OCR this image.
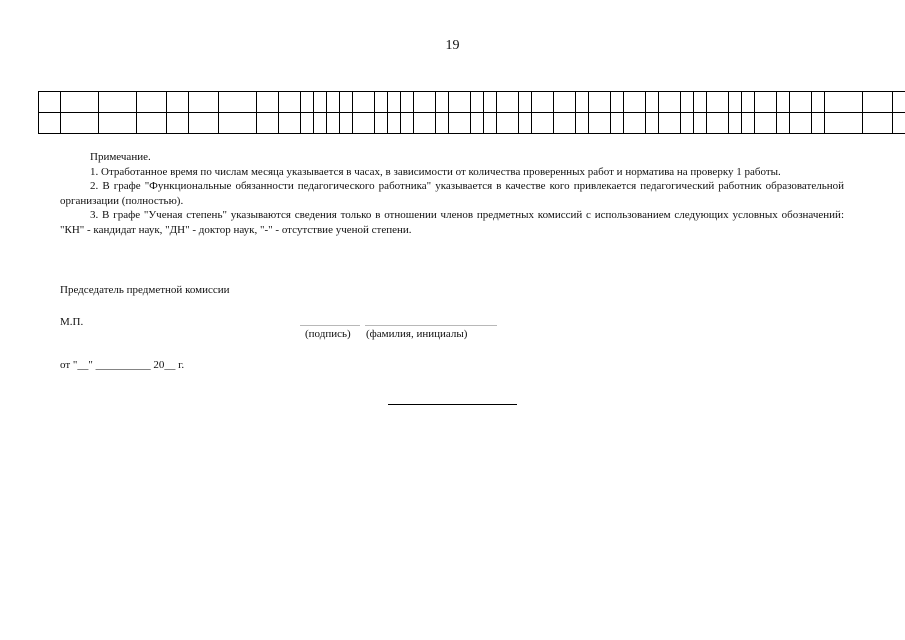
19

Примечание.

1. Отработанное время по числам месяца указывается в часах, в зависимости от количества проверенных работ и норматива на проверку 1 работы.

2. В графе "Функциональные обязанности педагогического работника" указывается в качестве кого привлекается педагогический работник образовательной организации (полностью).

3. В графе "Ученая степень" указываются сведения только в отношении членов предметных комиссий с использованием следующих условных обозначений: "КН" - кандидат наук, "ДН" - доктор наук, "-" - отсутствие ученой степени.

Председатель предметной комиссии
М.П.
(подпись) (фамилия, инициалы)
от "__" __________ 20__ г.
